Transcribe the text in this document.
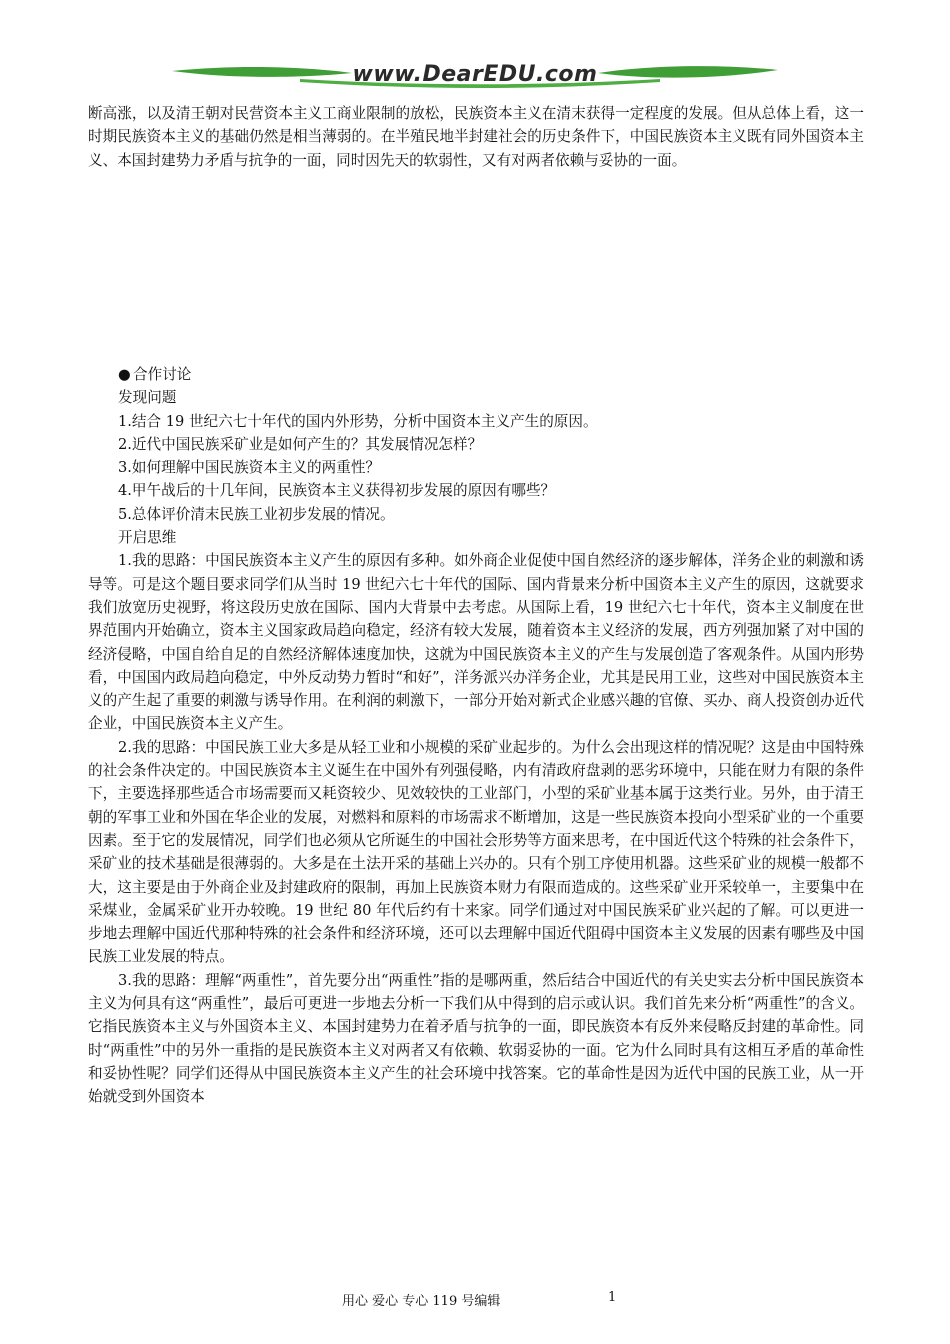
www.DearEDU.com

断高涨，以及清王朝对民营资本主义工商业限制的放松，民族资本主义在清末获得一定程度的发展。但从总体上看，这一时期民族资本主义的基础仍然是相当薄弱的。在半殖民地半封建社会的历史条件下，中国民族资本主义既有同外国资本主义、本国封建势力矛盾与抗争的一面，同时因先天的软弱性，又有对两者依赖与妥协的一面。

● 合作讨论

发现问题

1.结合 19 世纪六七十年代的国内外形势，分析中国资本主义产生的原因。

2.近代中国民族采矿业是如何产生的？其发展情况怎样？

3.如何理解中国民族资本主义的两重性？

4.甲午战后的十几年间，民族资本主义获得初步发展的原因有哪些？

5.总体评价清末民族工业初步发展的情况。

开启思维

1.我的思路：中国民族资本主义产生的原因有多种。如外商企业促使中国自然经济的逐步解体，洋务企业的刺激和诱导等。可是这个题目要求同学们从当时 19 世纪六七十年代的国际、国内背景来分析中国资本主义产生的原因，这就要求我们放宽历史视野，将这段历史放在国际、国内大背景中去考虑。从国际上看，19 世纪六七十年代，资本主义制度在世界范围内开始确立，资本主义国家政局趋向稳定，经济有较大发展，随着资本主义经济的发展，西方列强加紧了对中国的经济侵略，中国自给自足的自然经济解体速度加快，这就为中国民族资本主义的产生与发展创造了客观条件。从国内形势看，中国国内政局趋向稳定，中外反动势力暂时“和好”，洋务派兴办洋务企业，尤其是民用工业，这些对中国民族资本主义的产生起了重要的刺激与诱导作用。在利润的刺激下，一部分开始对新式企业感兴趣的官僚、买办、商人投资创办近代企业，中国民族资本主义产生。

2.我的思路：中国民族工业大多是从轻工业和小规模的采矿业起步的。为什么会出现这样的情况呢？这是由中国特殊的社会条件决定的。中国民族资本主义诞生在中国外有列强侵略，内有清政府盘剥的恶劣环境中，只能在财力有限的条件下，主要选择那些适合市场需要而又耗资较少、见效较快的工业部门，小型的采矿业基本属于这类行业。另外，由于清王朝的军事工业和外国在华企业的发展，对燃料和原料的市场需求不断增加，这是一些民族资本投向小型采矿业的一个重要因素。至于它的发展情况，同学们也必须从它所诞生的中国社会形势等方面来思考，在中国近代这个特殊的社会条件下，采矿业的技术基础是很薄弱的。大多是在土法开采的基础上兴办的。只有个别工序使用机器。这些采矿业的规模一般都不大，这主要是由于外商企业及封建政府的限制，再加上民族资本财力有限而造成的。这些采矿业开采较单一，主要集中在采煤业，金属采矿业开办较晚。19 世纪 80 年代后约有十来家。同学们通过对中国民族采矿业兴起的了解。可以更进一步地去理解中国近代那种特殊的社会条件和经济环境，还可以去理解中国近代阻碍中国资本主义发展的因素有哪些及中国民族工业发展的特点。

3.我的思路：理解“两重性”，首先要分出“两重性”指的是哪两重，然后结合中国近代的有关史实去分析中国民族资本主义为何具有这“两重性”，最后可更进一步地去分析一下我们从中得到的启示或认识。我们首先来分析“两重性”的含义。它指民族资本主义与外国资本主义、本国封建势力在着矛盾与抗争的一面，即民族资本有反外来侵略反封建的革命性。同时“两重性”中的另外一重指的是民族资本主义对两者又有依赖、软弱妥协的一面。它为什么同时具有这相互矛盾的革命性和妥协性呢？同学们还得从中国民族资本主义产生的社会环境中找答案。它的革命性是因为近代中国的民族工业，从一开始就受到外国资本

用心 爱心 专心 119 号编辑	1
